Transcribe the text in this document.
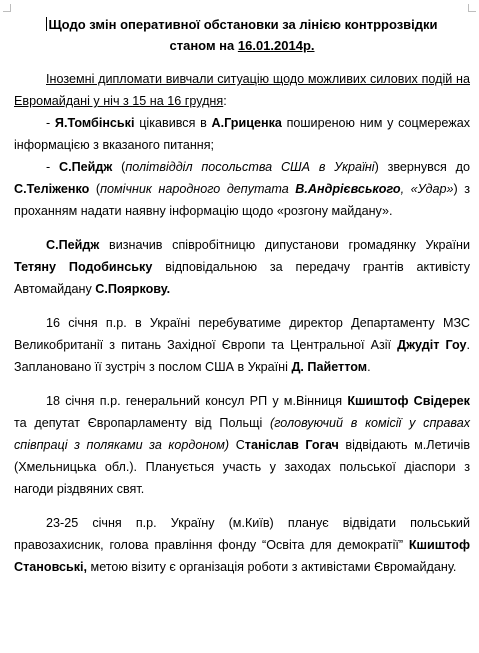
Щодо змін оперативної обстановки за лінією контррозвідки
станом на 16.01.2014р.

Іноземні дипломати вивчали ситуацію щодо можливих силових подій на Евромайдані у ніч з 15 на 16 грудня:

- Я.Томбінські цікавився в А.Гриценка поширеною ним у соцмережах інформацією з вказаного питання;

- С.Пейдж (політвідділ посольства США в Україні) звернувся до С.Теліженко (помічник народного депутата В.Андрієвського, «Удар») з проханням надати наявну інформацію щодо «розгону майдану».

С.Пейдж визначив співробітницю дипустанови громадянку України Тетяну Подобинську відповідальною за передачу грантів активісту Автомайдану С.Пояркову.

16 січня п.р. в Україні перебуватиме директор Департаменту МЗС Великобританії з питань Західної Європи та Центральної Азії Джудіт Гоу. Заплановано її зустріч з послом США в Україні Д. Пайеттом.

18 січня п.р. генеральний консул РП у м.Вінниця Кшиштоф Свідерек та депутат Європарламенту від Польщі (головуючий в комісії у справах співпраці з поляками за кордоном) Станіслав Гогач відвідають м.Летичів (Хмельницька обл.). Планується участь у заходах польської діаспори з нагоди різдвяних свят.

23-25 січня п.р. Україну (м.Київ) планує відвідати польський правозахисник, голова правління фонду “Освіта для демократії” Кшиштоф Становські, метою візиту є організація роботи з активістами Євромайдану.
